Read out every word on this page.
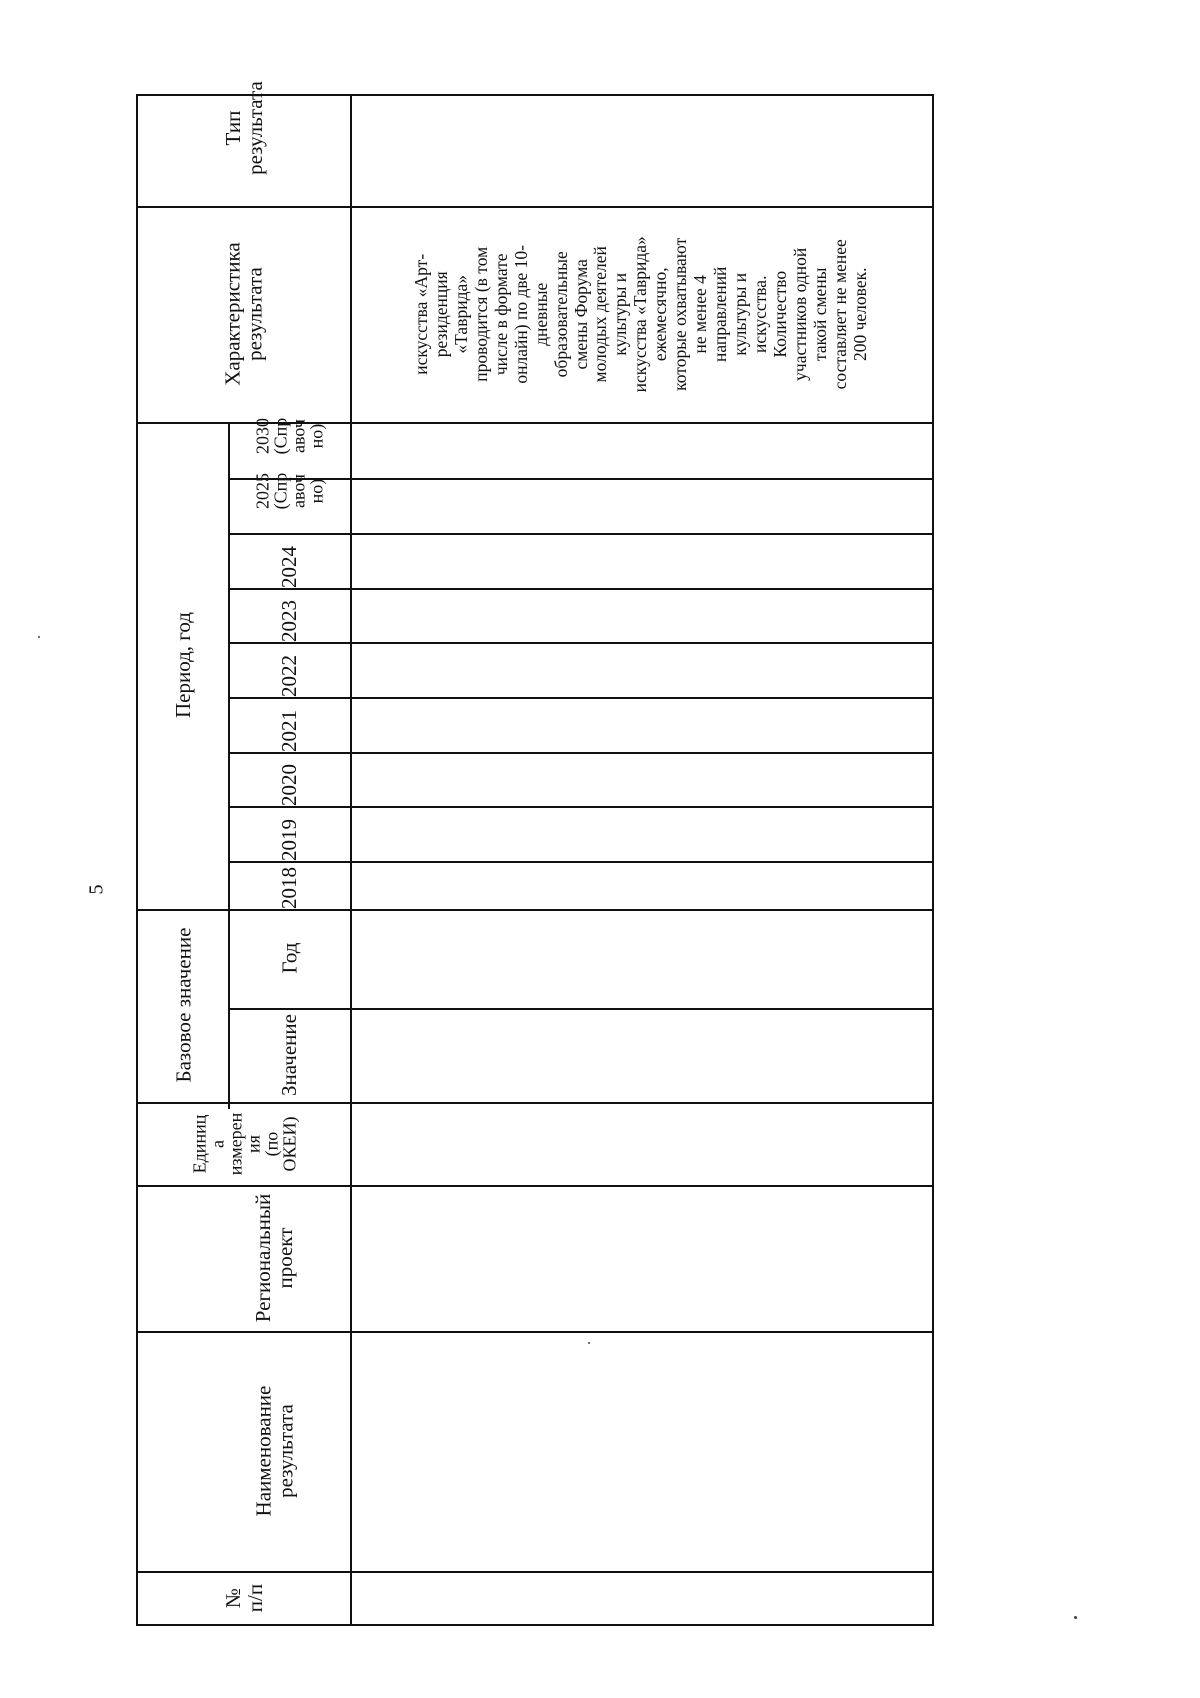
5
№
п/п
Наименование
результата
Региональный
проект
Единиц
а
измерен
ия
(по
ОКЕИ)
Базовое значение	Значение
Год
Период, год
2018
2019
2020
2021
2022
2023
2024
2025
(Спр
авоч
но)
2030
(Спр
авоч
но)
Характеристика
результата
Тип
результата
искусства «Арт-
резиденция
«Таврида»
проводится (в том
числе в формате
онлайн) по две 10-
дневные
образовательные
смены Форума
молодых деятелей
культуры и
искусства «Таврида»
ежемесячно,
которые охватывают
не менее 4
направлений
культуры и
искусства.
Количество
участников одной
такой смены
составляет не менее
200 человек.
